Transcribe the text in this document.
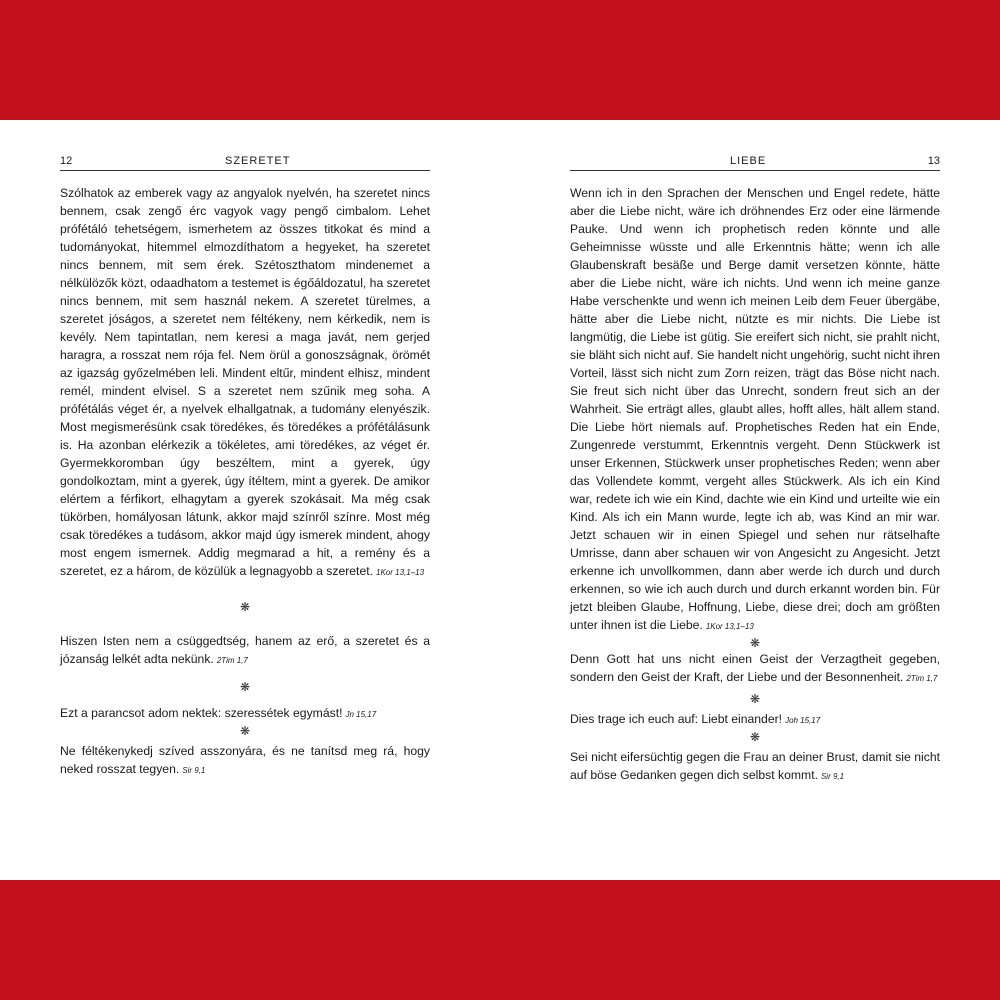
12	SZERETET

Szólhatok az emberek vagy az angyalok nyelvén, ha szeretet nincs bennem, csak zengő érc vagyok vagy pengő cimbalom. Lehet prófétáló tehetségem, ismerhetem az összes titkokat és mind a tudományokat, hitemmel elmozdíthatom a hegyeket, ha szeretet nincs bennem, mit sem érek. Szétoszthatom mindenemet a nélkülözők közt, odaadhatom a testemet is égőáldozatul, ha szeretet nincs bennem, mit sem használ nekem. A szeretet türelmes, a szeretet jóságos, a szeretet nem féltékeny, nem kérkedik, nem is kevély. Nem tapintatlan, nem keresi a maga javát, nem gerjed haragra, a rosszat nem rója fel. Nem örül a gonoszságnak, örömét az igazság győzelmében leli. Mindent eltűr, mindent elhisz, mindent remél, mindent elvisel. S a szeretet nem szűnik meg soha. A prófétálás véget ér, a nyelvek elhallgatnak, a tudomány elenyészik. Most megismerésünk csak töredékes, és töredékes a prófétálásunk is. Ha azonban elérkezik a tökéletes, ami töredékes, az véget ér. Gyermekkoromban úgy beszéltem, mint a gyerek, úgy gondolkoztam, mint a gyerek, úgy ítéltem, mint a gyerek. De amikor elértem a férfikort, elhagytam a gyerek szokásait. Ma még csak tükörben, homályosan látunk, akkor majd színről színre. Most még csak töredékes a tudásom, akkor majd úgy ismerek mindent, ahogy most engem ismernek. Addig megmarad a hit, a remény és a szeretet, ez a három, de közülük a legnagyobb a szeretet. 1Kor 13,1–13

❋

Hiszen Isten nem a csüggedtség, hanem az erő, a szeretet és a józanság lelkét adta nekünk. 2Tim 1,7

❋

Ezt a parancsot adom nektek: szeressétek egymást! Jn 15,17

❋

Ne féltékenykedj szíved asszonyára, és ne tanítsd meg rá, hogy neked rosszat tegyen. Sir 9,1

LIEBE	13

Wenn ich in den Sprachen der Menschen und Engel redete, hätte aber die Liebe nicht, wäre ich dröhnendes Erz oder eine lärmende Pauke. Und wenn ich prophetisch reden könnte und alle Geheimnisse wüsste und alle Erkenntnis hätte; wenn ich alle Glaubenskraft besäße und Berge damit versetzen könnte, hätte aber die Liebe nicht, wäre ich nichts. Und wenn ich meine ganze Habe verschenkte und wenn ich meinen Leib dem Feuer übergäbe, hätte aber die Liebe nicht, nützte es mir nichts. Die Liebe ist langmütig, die Liebe ist gütig. Sie ereifert sich nicht, sie prahlt nicht, sie bläht sich nicht auf. Sie handelt nicht ungehörig, sucht nicht ihren Vorteil, lässt sich nicht zum Zorn reizen, trägt das Böse nicht nach. Sie freut sich nicht über das Unrecht, sondern freut sich an der Wahrheit. Sie erträgt alles, glaubt alles, hofft alles, hält allem stand. Die Liebe hört niemals auf. Prophetisches Reden hat ein Ende, Zungenrede verstummt, Erkenntnis vergeht. Denn Stückwerk ist unser Erkennen, Stückwerk unser prophetisches Reden; wenn aber das Vollendete kommt, vergeht alles Stückwerk. Als ich ein Kind war, redete ich wie ein Kind, dachte wie ein Kind und urteilte wie ein Kind. Als ich ein Mann wurde, legte ich ab, was Kind an mir war. Jetzt schauen wir in einen Spiegel und sehen nur rätselhafte Umrisse, dann aber schauen wir von Angesicht zu Angesicht. Jetzt erkenne ich unvollkommen, dann aber werde ich durch und durch erkennen, so wie ich auch durch und durch erkannt worden bin. Für jetzt bleiben Glaube, Hoffnung, Liebe, diese drei; doch am größten unter ihnen ist die Liebe. 1Kor 13,1–13

❋

Denn Gott hat uns nicht einen Geist der Verzagtheit gegeben, sondern den Geist der Kraft, der Liebe und der Besonnenheit. 2Tim 1,7

❋

Dies trage ich euch auf: Liebt einander! Joh 15,17

❋

Sei nicht eifersüchtig gegen die Frau an deiner Brust, damit sie nicht auf böse Gedanken gegen dich selbst kommt. Sir 9,1
